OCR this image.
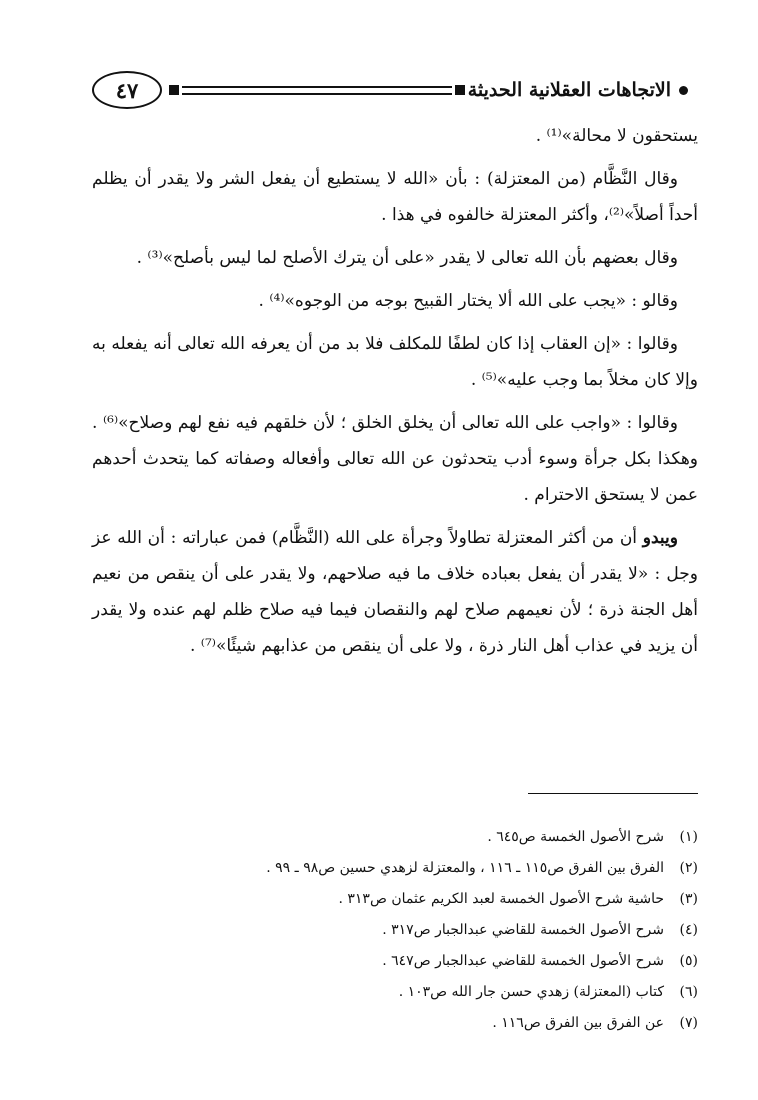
الاتجاهات العقلانية الحديثة
٤٧

يستحقون لا محالة»⁽¹⁾ .

وقال النَّظَّام (من المعتزلة) : بأن «الله لا يستطيع أن يفعل الشر ولا يقدر أن يظلم أحداً أصلاً»⁽²⁾، وأكثر المعتزلة خالفوه في هذا .

وقال بعضهم بأن الله تعالى لا يقدر «على أن يترك الأصلح لما ليس بأصلح»⁽³⁾ .

وقالو : «يجب على الله ألا يختار القبيح بوجه من الوجوه»⁽⁴⁾ .

وقالوا : «إن العقاب إذا كان لطفًا للمكلف فلا بد من أن يعرفه الله تعالى أنه يفعله به وإلا كان مخلاً بما وجب عليه»⁽⁵⁾ .

وقالوا : «واجب على الله تعالى أن يخلق الخلق ؛ لأن خلقهم فيه نفع لهم وصلاح»⁽⁶⁾ . وهكذا بكل جرأة وسوء أدب يتحدثون عن الله تعالى وأفعاله وصفاته كما يتحدث أحدهم عمن لا يستحق الاحترام .

ويبدو أن من أكثر المعتزلة تطاولاً وجرأة على الله (النَّظَّام) فمن عباراته : أن الله عز وجل : «لا يقدر أن يفعل بعباده خلاف ما فيه صلاحهم، ولا يقدر على أن ينقص من نعيم أهل الجنة ذرة ؛ لأن نعيمهم صلاح لهم والنقصان فيما فيه صلاح ظلم لهم عنده ولا يقدر أن يزيد في عذاب أهل النار ذرة ، ولا على أن ينقص من عذابهم شيئًا»⁽⁷⁾ .

(١)
شرح الأصول الخمسة ص٦٤٥ .
(٢)
الفرق بين الفرق ص١١٥ ـ ١١٦ ، والمعتزلة لزهدي حسين ص٩٨ ـ ٩٩ .
(٣)
حاشية شرح الأصول الخمسة لعبد الكريم عثمان ص٣١٣ .
(٤)
شرح الأصول الخمسة للقاضي عبدالجبار ص٣١٧ .
(٥)
شرح الأصول الخمسة للقاضي عبدالجبار ص٦٤٧ .
(٦)
كتاب (المعتزلة) زهدي حسن جار الله ص١٠٣ .
(٧)
عن الفرق بين الفرق ص١١٦ .
